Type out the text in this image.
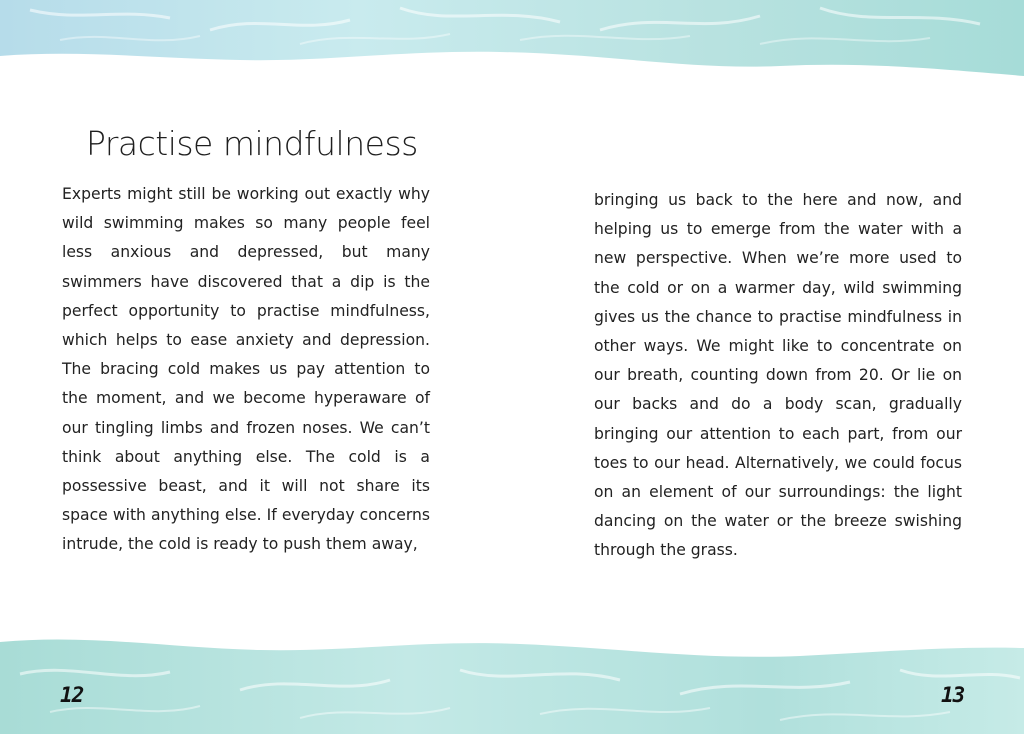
Practise mindfulness

Experts might still be working out exactly why wild swimming makes so many people feel less anxious and depressed, but many swimmers have discovered that a dip is the perfect opportunity to practise mindfulness, which helps to ease anxiety and depression. The bracing cold makes us pay attention to the moment, and we become hyperaware of our tingling limbs and frozen noses. We can’t think about anything else. The cold is a possessive beast, and it will not share its space with anything else. If everyday concerns intrude, the cold is ready to push them away,

bringing us back to the here and now, and helping us to emerge from the water with a new perspective. When we’re more used to the cold or on a warmer day, wild swimming gives us the chance to practise mindfulness in other ways. We might like to concentrate on our breath, counting down from 20. Or lie on our backs and do a body scan, gradually bringing our attention to each part, from our toes to our head. Alternatively, we could focus on an element of our surroundings: the light dancing on the water or the breeze swishing through the grass.

12	13
